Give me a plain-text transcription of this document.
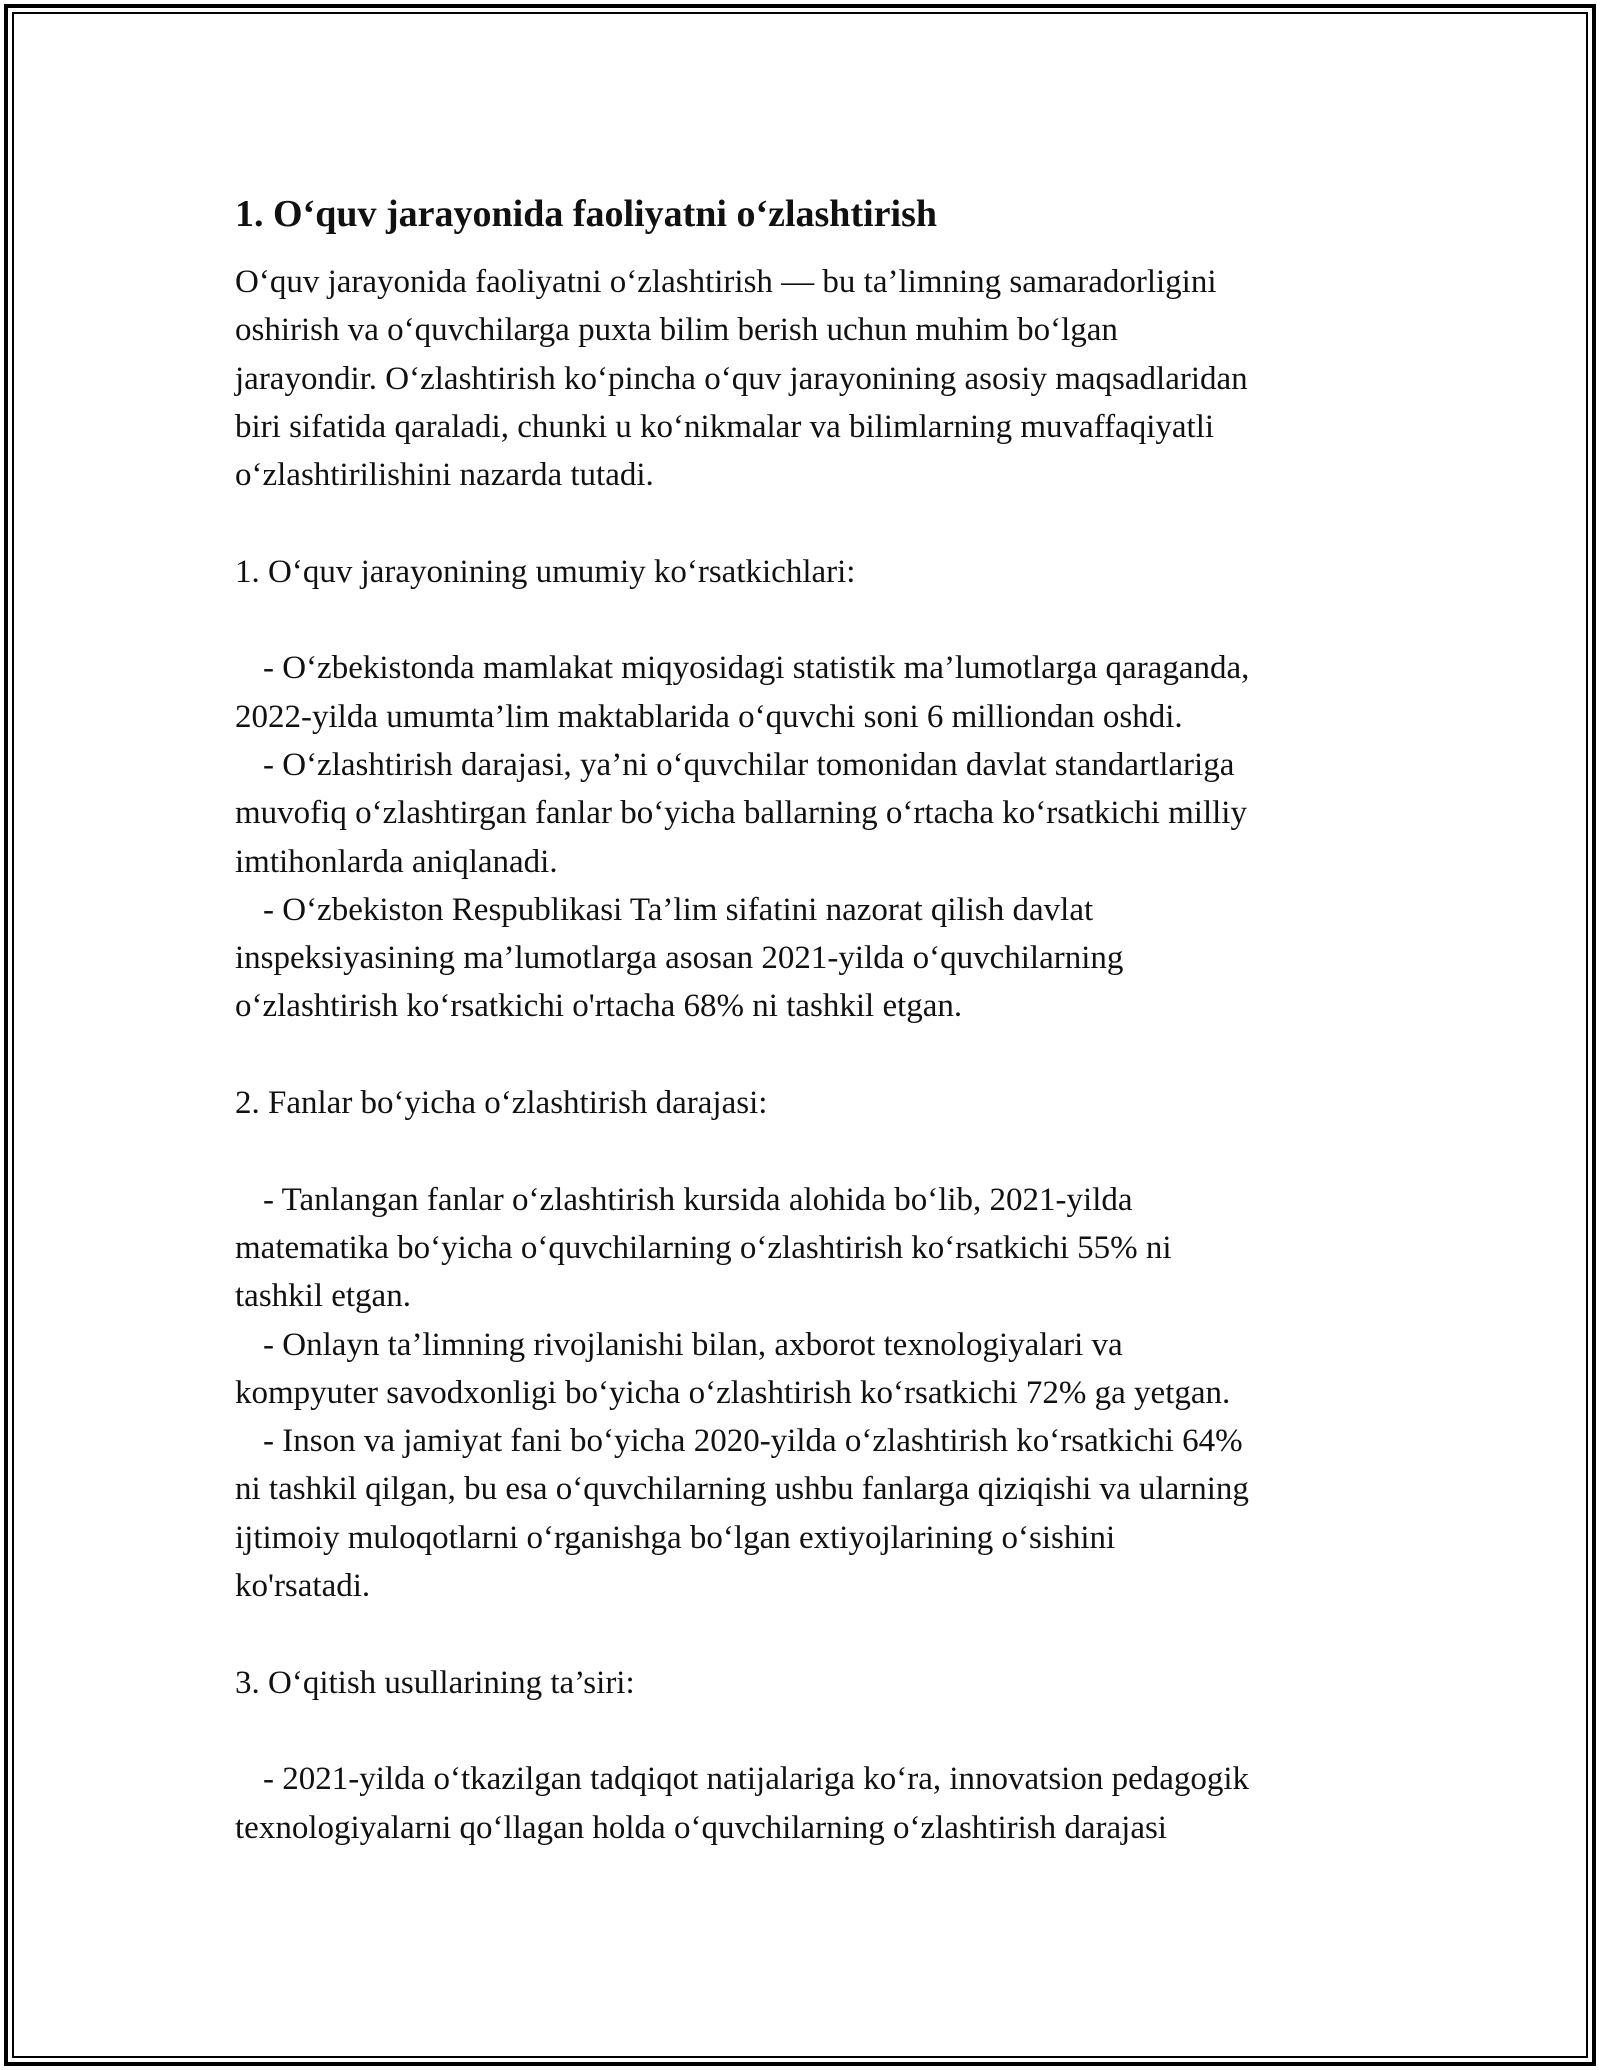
1. O‘quv jarayonida faoliyatni o‘zlashtirish
O‘quv jarayonida faoliyatni o‘zlashtirish — bu ta’limning samaradorligini
oshirish va o‘quvchilarga puxta bilim berish uchun muhim bo‘lgan
jarayondir. O‘zlashtirish ko‘pincha o‘quv jarayonining asosiy maqsadlaridan
biri sifatida qaraladi, chunki u ko‘nikmalar va bilimlarning muvaffaqiyatli
o‘zlashtirilishini nazarda tutadi.
1. O‘quv jarayonining umumiy ko‘rsatkichlari:
- O‘zbekistonda mamlakat miqyosidagi statistik ma’lumotlarga qaraganda,
2022-yilda umumta’lim maktablarida o‘quvchi soni 6 milliondan oshdi.
- O‘zlashtirish darajasi, ya’ni o‘quvchilar tomonidan davlat standartlariga
muvofiq o‘zlashtirgan fanlar bo‘yicha ballarning o‘rtacha ko‘rsatkichi milliy
imtihonlarda aniqlanadi.
- O‘zbekiston Respublikasi Ta’lim sifatini nazorat qilish davlat
inspeksiyasining ma’lumotlarga asosan 2021-yilda o‘quvchilarning
o‘zlashtirish ko‘rsatkichi o'rtacha 68% ni tashkil etgan.
2. Fanlar bo‘yicha o‘zlashtirish darajasi:
- Tanlangan fanlar o‘zlashtirish kursida alohida bo‘lib, 2021-yilda
matematika bo‘yicha o‘quvchilarning o‘zlashtirish ko‘rsatkichi 55% ni
tashkil etgan.
- Onlayn ta’limning rivojlanishi bilan, axborot texnologiyalari va
kompyuter savodxonligi bo‘yicha o‘zlashtirish ko‘rsatkichi 72% ga yetgan.
- Inson va jamiyat fani bo‘yicha 2020-yilda o‘zlashtirish ko‘rsatkichi 64%
ni tashkil qilgan, bu esa o‘quvchilarning ushbu fanlarga qiziqishi va ularning
ijtimoiy muloqotlarni o‘rganishga bo‘lgan extiyojlarining o‘sishini
ko'rsatadi.
3. O‘qitish usullarining ta’siri:
- 2021-yilda o‘tkazilgan tadqiqot natijalariga ko‘ra, innovatsion pedagogik
texnologiyalarni qo‘llagan holda o‘quvchilarning o‘zlashtirish darajasi
